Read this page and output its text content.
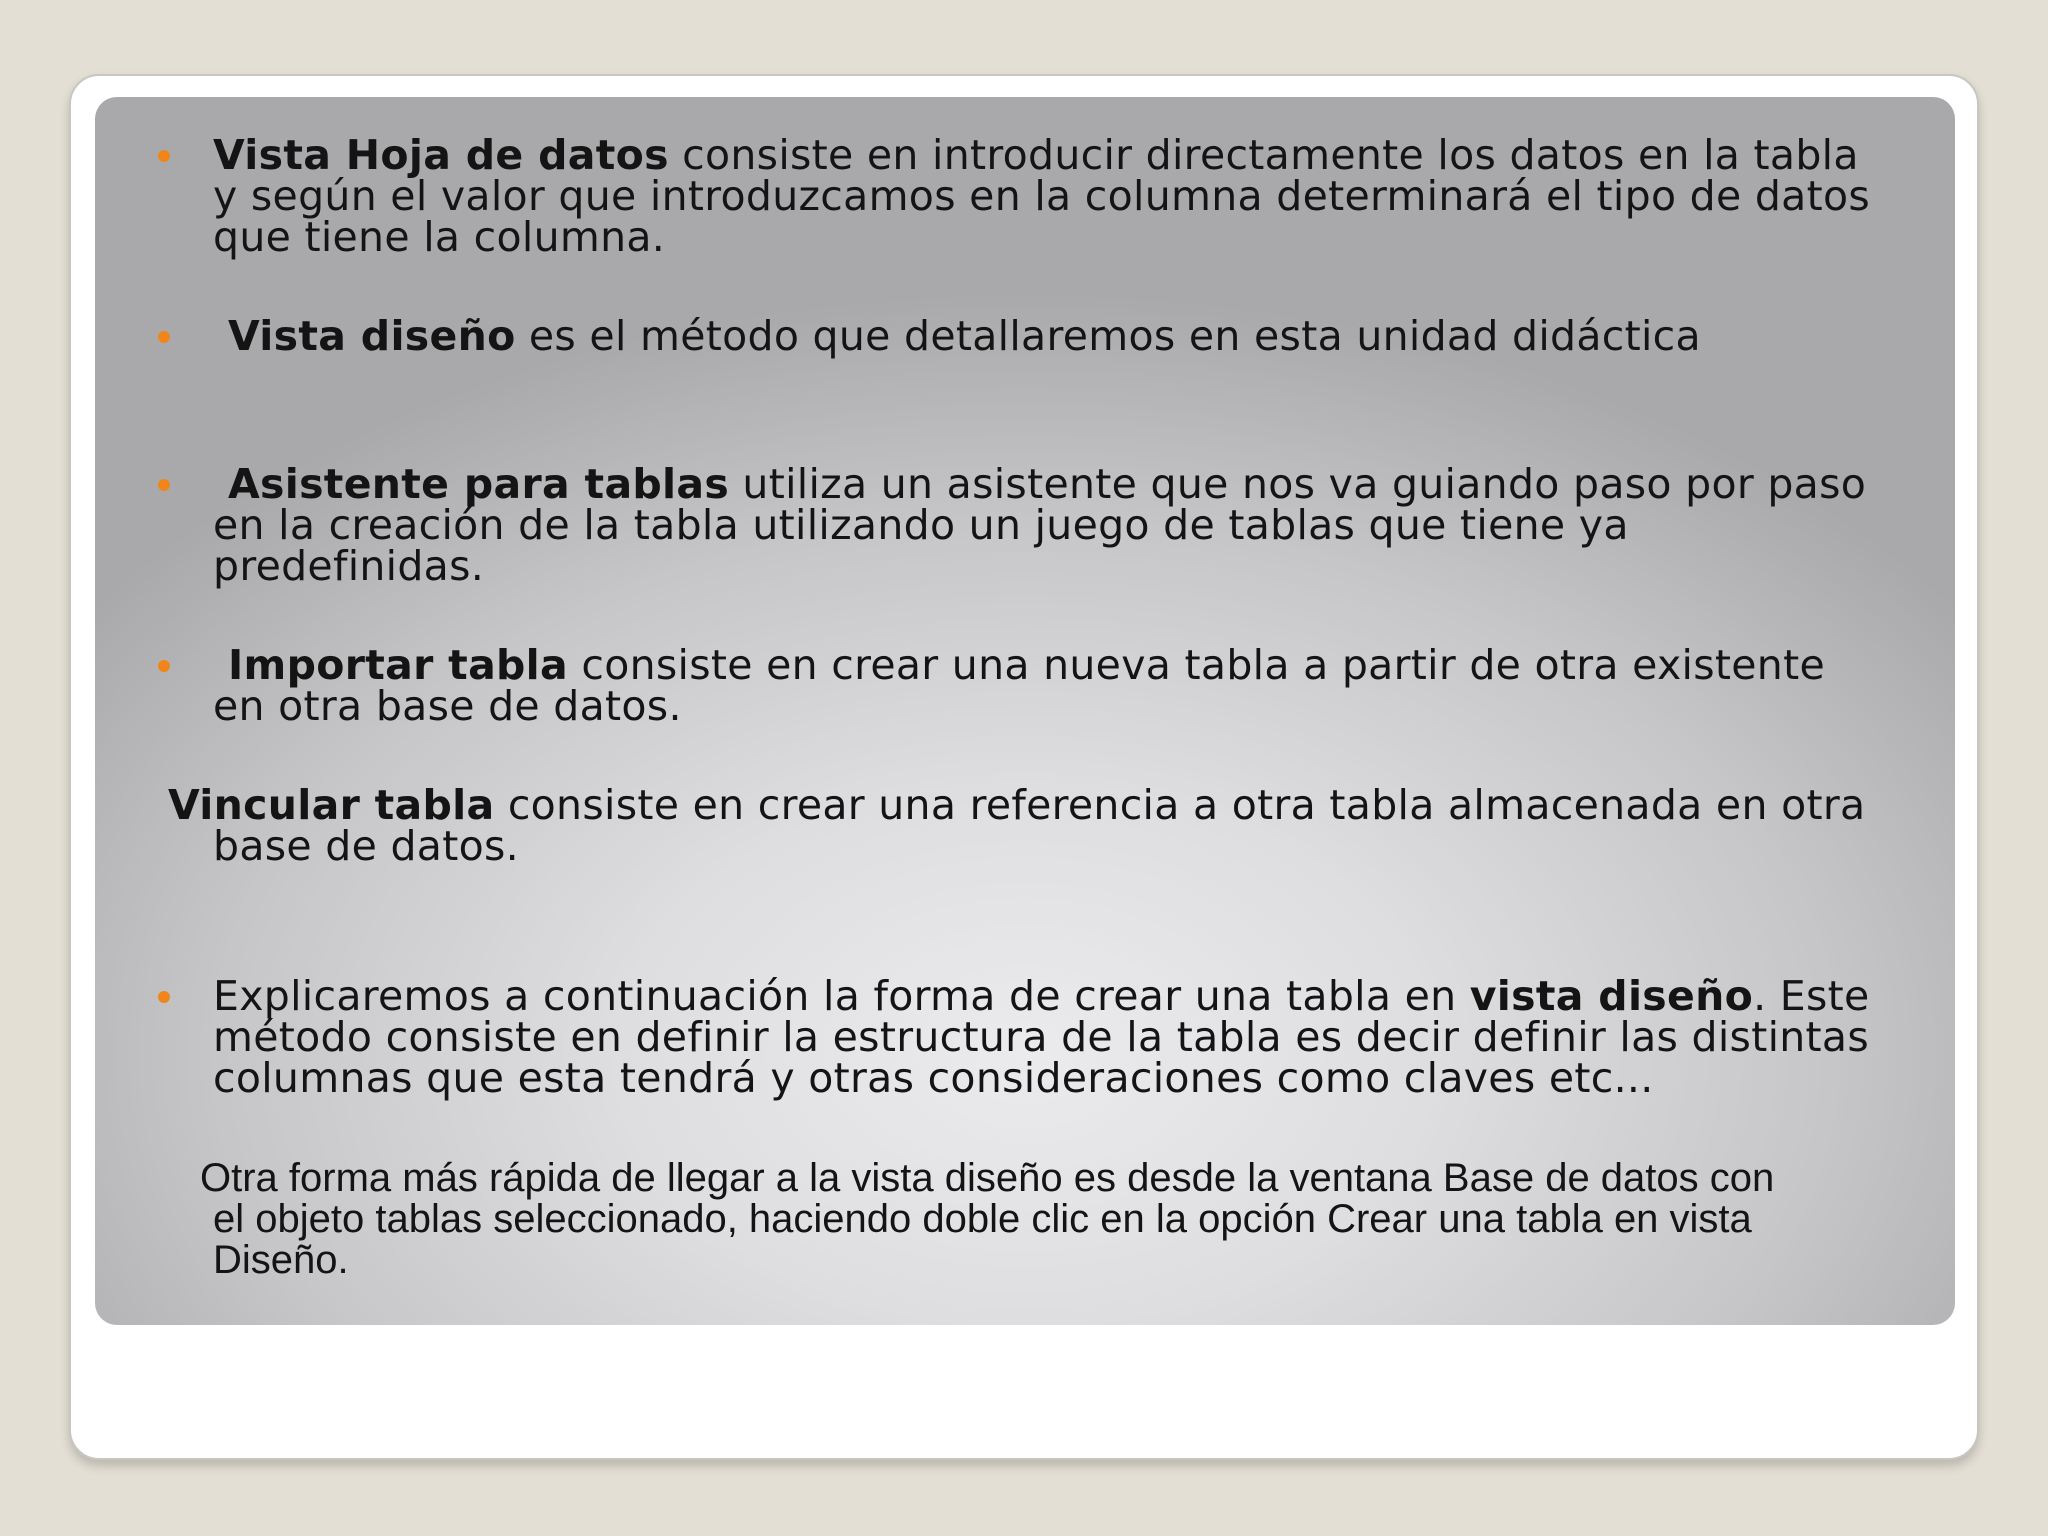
Vista Hoja de datos consiste en introducir directamente los datos en la tabla
y según el valor que introduzcamos en la columna determinará el tipo de datos
que tiene la columna.
Vista diseño es el método que detallaremos en esta unidad didáctica
Asistente para tablas utiliza un asistente que nos va guiando paso por paso
en la creación de la tabla utilizando un juego de tablas que tiene ya
predefinidas.
Importar tabla consiste en crear una nueva tabla a partir de otra existente
en otra base de datos.
Vincular tabla consiste en crear una referencia a otra tabla almacenada en otra
base de datos.
Explicaremos a continuación la forma de crear una tabla en vista diseño. Este
método consiste en definir la estructura de la tabla es decir definir las distintas
columnas que esta tendrá y otras consideraciones como claves etc...
Otra forma más rápida de llegar a la vista diseño es desde la ventana Base de datos con
el objeto tablas seleccionado, haciendo doble clic en la opción Crear una tabla en vista
Diseño.
